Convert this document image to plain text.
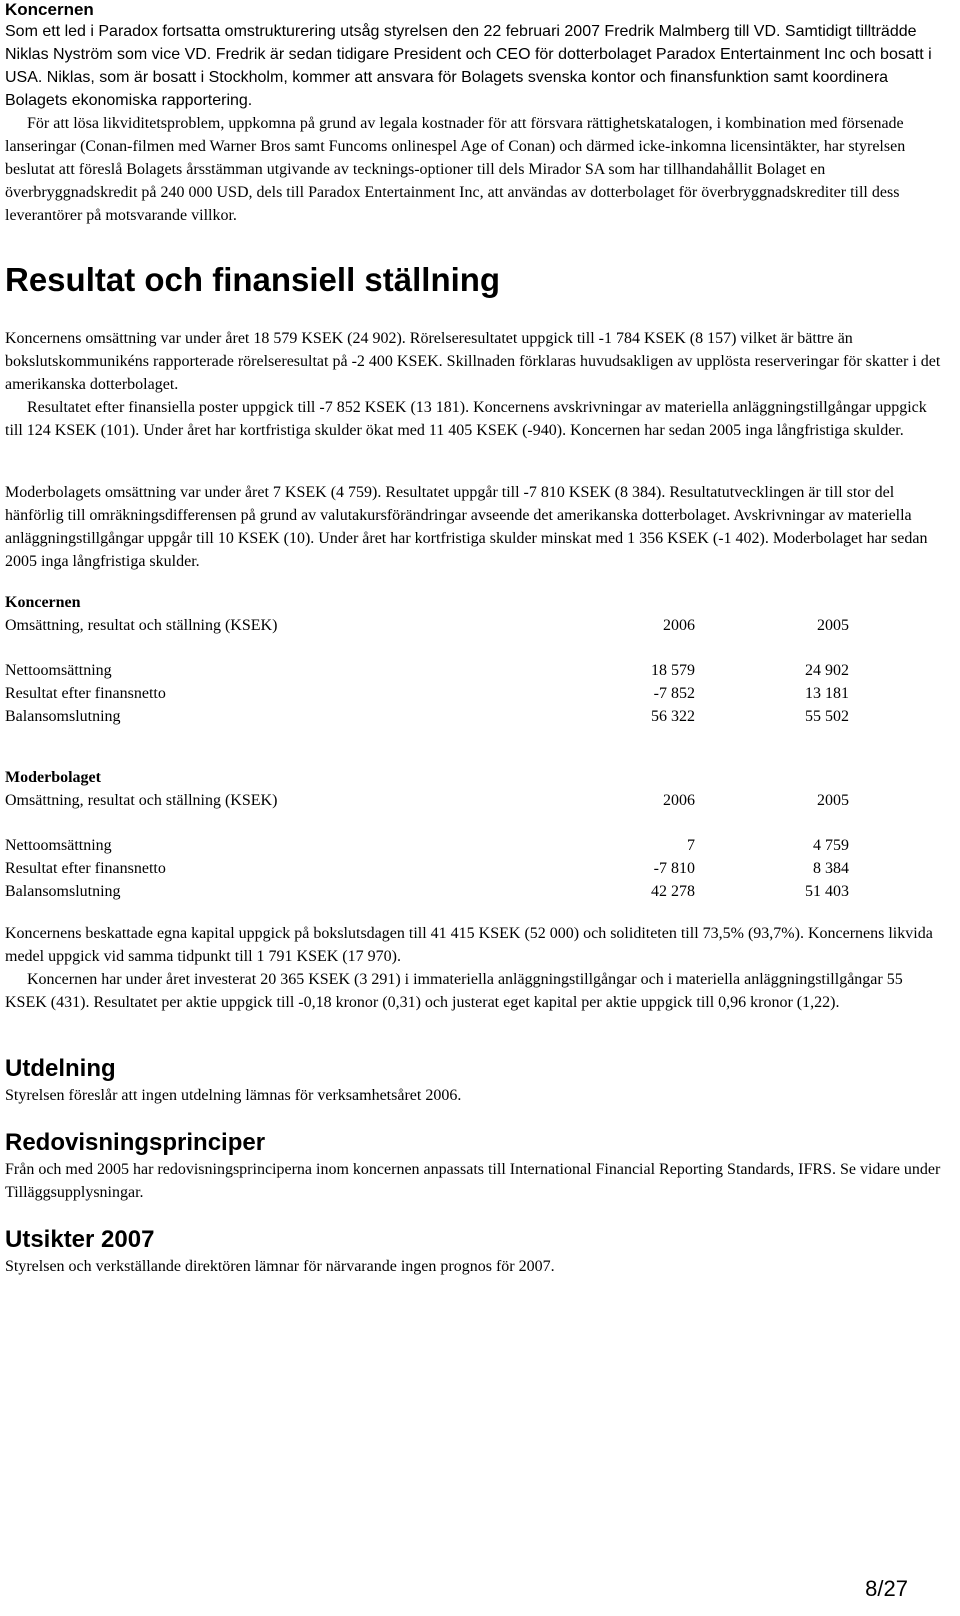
Koncernen

Som ett led i Paradox fortsatta omstrukturering utsåg styrelsen den 22 februari 2007 Fredrik Malmberg till VD. Samtidigt tillträdde Niklas Nyström som vice VD. Fredrik är sedan tidigare President och CEO för dotterbolaget Paradox Entertainment Inc och bosatt i USA. Niklas, som är bosatt i Stockholm, kommer att ansvara för Bolagets svenska kontor och finansfunktion samt koordinera Bolagets ekonomiska rapportering.

För att lösa likviditetsproblem, uppkomna på grund av legala kostnader för att försvara rättighetskatalogen, i kombination med försenade lanseringar (Conan-filmen med Warner Bros samt Funcoms onlinespel Age of Conan) och därmed icke-inkomna licensintäkter, har styrelsen beslutat att föreslå Bolagets årsstämman utgivande av tecknings-optioner till dels Mirador SA som har tillhandahållit Bolaget en överbryggnadskredit på 240 000 USD, dels till Paradox Entertainment Inc, att användas av dotterbolaget för överbryggnadskrediter till dess leverantörer på motsvarande villkor.

Resultat och finansiell ställning

Koncernens omsättning var under året 18 579 KSEK (24 902). Rörelseresultatet uppgick till -1 784 KSEK (8 157) vilket är bättre än bokslutskommunikéns rapporterade rörelseresultat på -2 400 KSEK. Skillnaden förklaras huvudsakligen av upplösta reserveringar för skatter i det amerikanska dotterbolaget.

Resultatet efter finansiella poster uppgick till -7 852 KSEK (13 181). Koncernens avskrivningar av materiella anläggningstillgångar uppgick till 124 KSEK (101). Under året har kortfristiga skulder ökat med 11 405 KSEK (-940). Koncernen har sedan 2005 inga långfristiga skulder.

Moderbolagets omsättning var under året 7 KSEK (4 759). Resultatet uppgår till -7 810 KSEK (8 384). Resultatutvecklingen är till stor del hänförlig till omräkningsdifferensen på grund av valutakursförändringar avseende det amerikanska dotterbolaget. Avskrivningar av materiella anläggningstillgångar uppgår till 10 KSEK (10). Under året har kortfristiga skulder minskat med 1 356 KSEK (-1 402). Moderbolaget har sedan 2005 inga långfristiga skulder.

Koncernen
Omsättning, resultat och ställning (KSEK)	2006	2005
Nettoomsättning	18 579	24 902
Resultat efter finansnetto	-7 852	13 181
Balansomslutning	56 322	55 502
Moderbolaget
Omsättning, resultat och ställning (KSEK)	2006	2005
Nettoomsättning	7	4 759
Resultat efter finansnetto	-7 810	8 384
Balansomslutning	42 278	51 403

Koncernens beskattade egna kapital uppgick på bokslutsdagen till 41 415 KSEK (52 000) och soliditeten till 73,5% (93,7%). Koncernens likvida medel uppgick vid samma tidpunkt till 1 791 KSEK (17 970).

Koncernen har under året investerat 20 365 KSEK (3 291) i immateriella anläggningstillgångar och i materiella anläggningstillgångar 55 KSEK (431). Resultatet per aktie uppgick till -0,18 kronor (0,31) och justerat eget kapital per aktie uppgick till 0,96 kronor (1,22).

Utdelning

Styrelsen föreslår att ingen utdelning lämnas för verksamhetsåret 2006.

Redovisningsprinciper

Från och med 2005 har redovisningsprinciperna inom koncernen anpassats till International Financial Reporting Standards, IFRS. Se vidare under Tilläggsupplysningar.

Utsikter 2007

Styrelsen och verkställande direktören lämnar för närvarande ingen prognos för 2007.

8/27
